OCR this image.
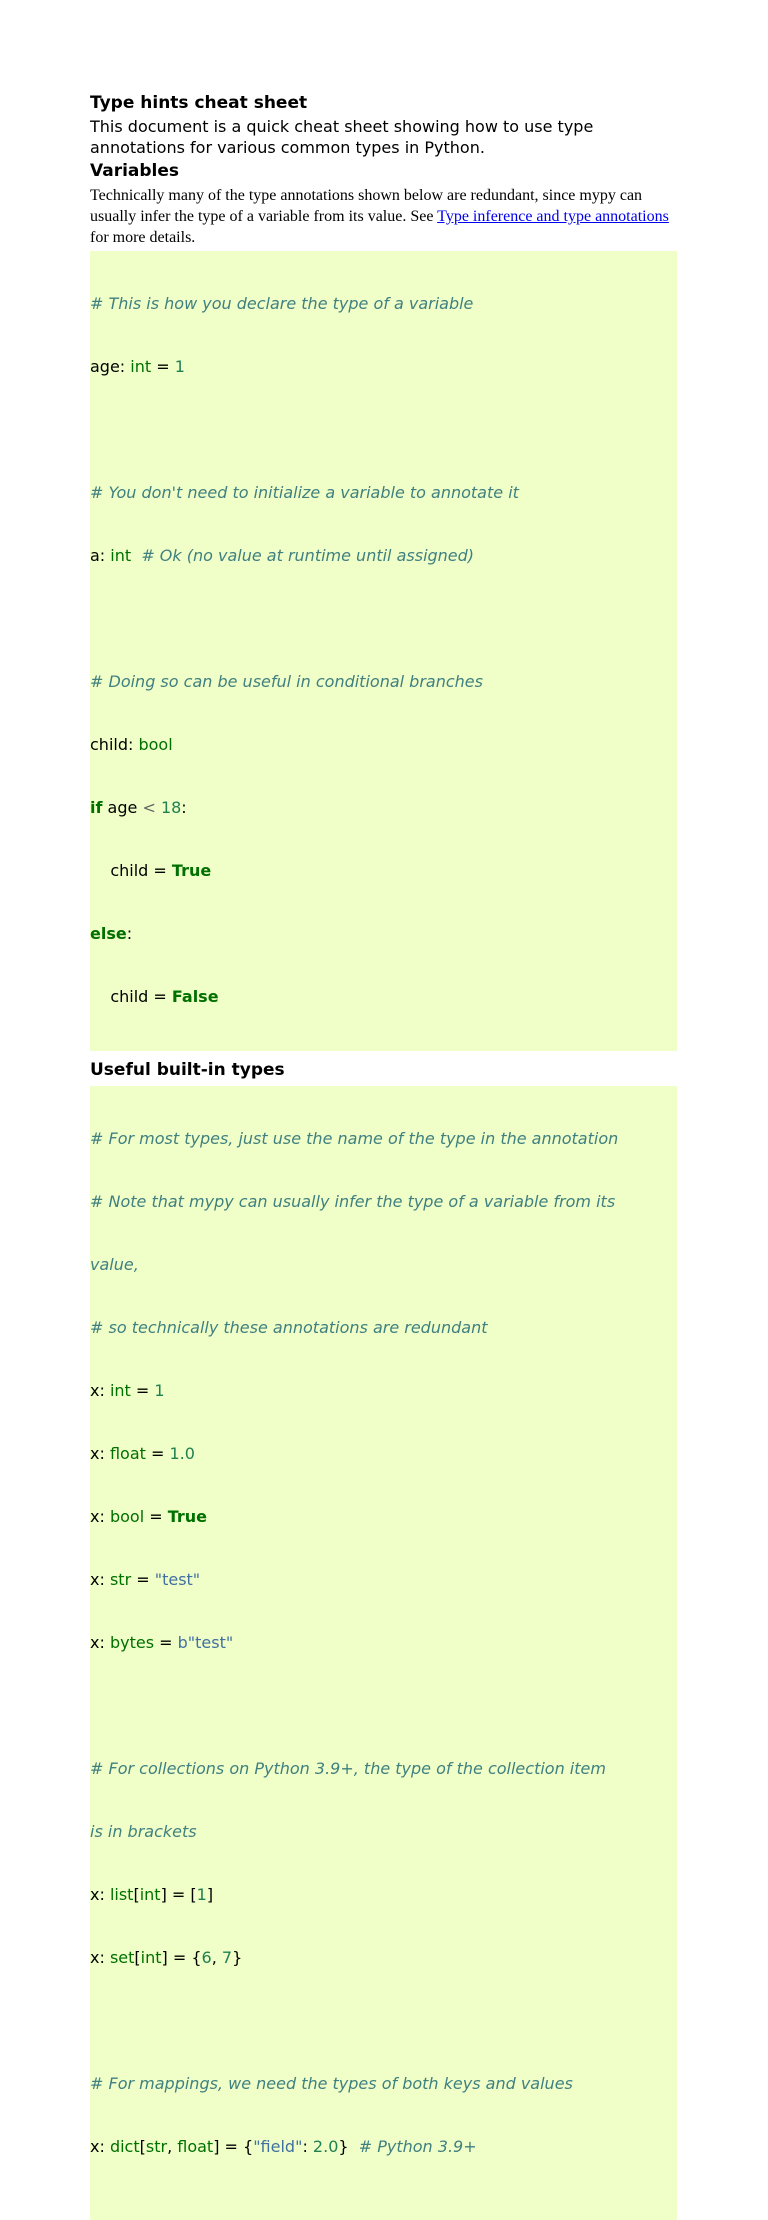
Type hints cheat sheet
This document is a quick cheat sheet showing how to use type annotations for various common types in Python.
Variables

Technically many of the type annotations shown below are redundant, since mypy can usually infer the type of a variable from its value. See Type inference and type annotations for more details.

# This is how you declare the type of a variable

age: int = 1

# You don't need to initialize a variable to annotate it

a: int # Ok (no value at runtime until assigned)

# Doing so can be useful in conditional branches

child: bool

if age < 18:

child = True

else:

child = False

Useful built-in types

# For most types, just use the name of the type in the annotation

# Note that mypy can usually infer the type of a variable from its

value,

# so technically these annotations are redundant

x: int = 1

x: float = 1.0

x: bool = True

x: str = "test"

x: bytes = b"test"

# For collections on Python 3.9+, the type of the collection item

is in brackets

x: list[int] = [1]

x: set[int] = {6, 7}

# For mappings, we need the types of both keys and values

x: dict[str, float] = {"field": 2.0}  # Python 3.9+
